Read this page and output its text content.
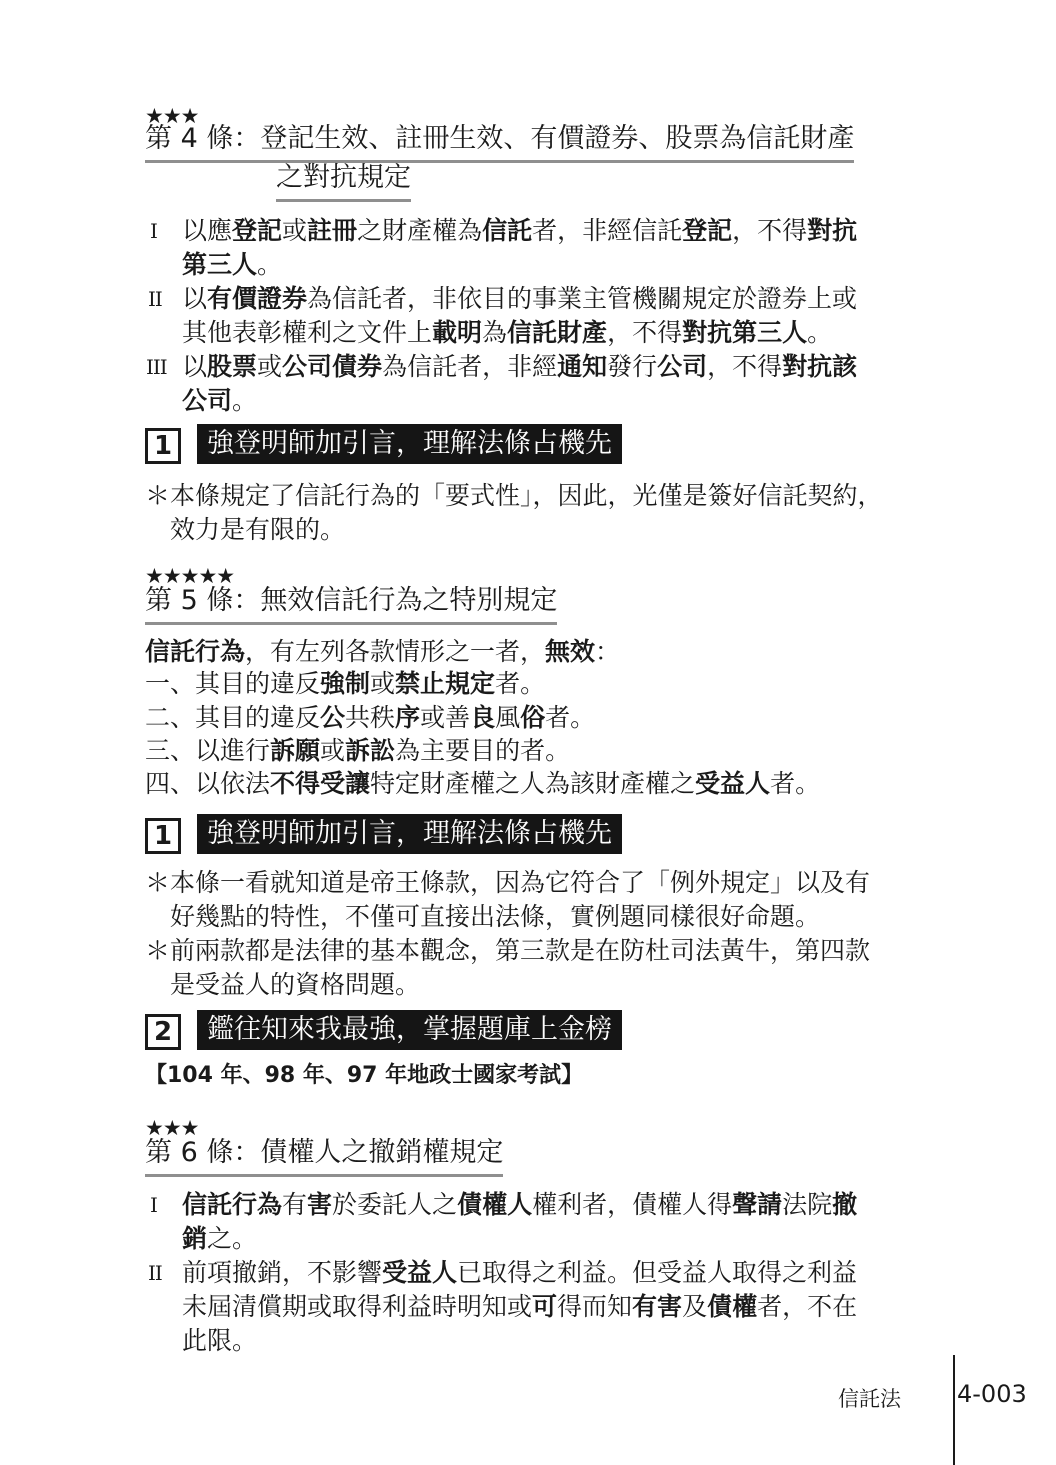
★★★
第 4 條：登記生效、註冊生效、有價證券、股票為信託財產
之對抗規定
I 以應登記或註冊之財產權為信託者，非經信託登記，不得對抗
第三人。
II 以有價證券為信託者，非依目的事業主管機關規定於證券上或
其他表彰權利之文件上載明為信託財產，不得對抗第三人。
III 以股票或公司債券為信託者，非經通知發行公司，不得對抗該
公司。
1	強登明師加引言，理解法條占機先
＊本條規定了信託行為的「要式性」，因此，光僅是簽好信託契約，
效力是有限的。
★★★★★
第 5 條：無效信託行為之特別規定
信託行為，有左列各款情形之一者，無效：
一、其目的違反強制或禁止規定者。
二、其目的違反公共秩序或善良風俗者。
三、以進行訴願或訴訟為主要目的者。
四、以依法不得受讓特定財產權之人為該財產權之受益人者。
1	強登明師加引言，理解法條占機先
＊本條一看就知道是帝王條款，因為它符合了「例外規定」以及有
好幾點的特性，不僅可直接出法條，實例題同樣很好命題。
＊前兩款都是法律的基本觀念，第三款是在防杜司法黃牛，第四款
是受益人的資格問題。
2	鑑往知來我最強，掌握題庫上金榜
【104 年、98 年、97 年地政士國家考試】
★★★
第 6 條：債權人之撤銷權規定
I 信託行為有害於委託人之債權人權利者，債權人得聲請法院撤
銷之。
II 前項撤銷，不影響受益人已取得之利益。但受益人取得之利益
未屆清償期或取得利益時明知或可得而知有害及債權者，不在
此限。
信託法 4-003
